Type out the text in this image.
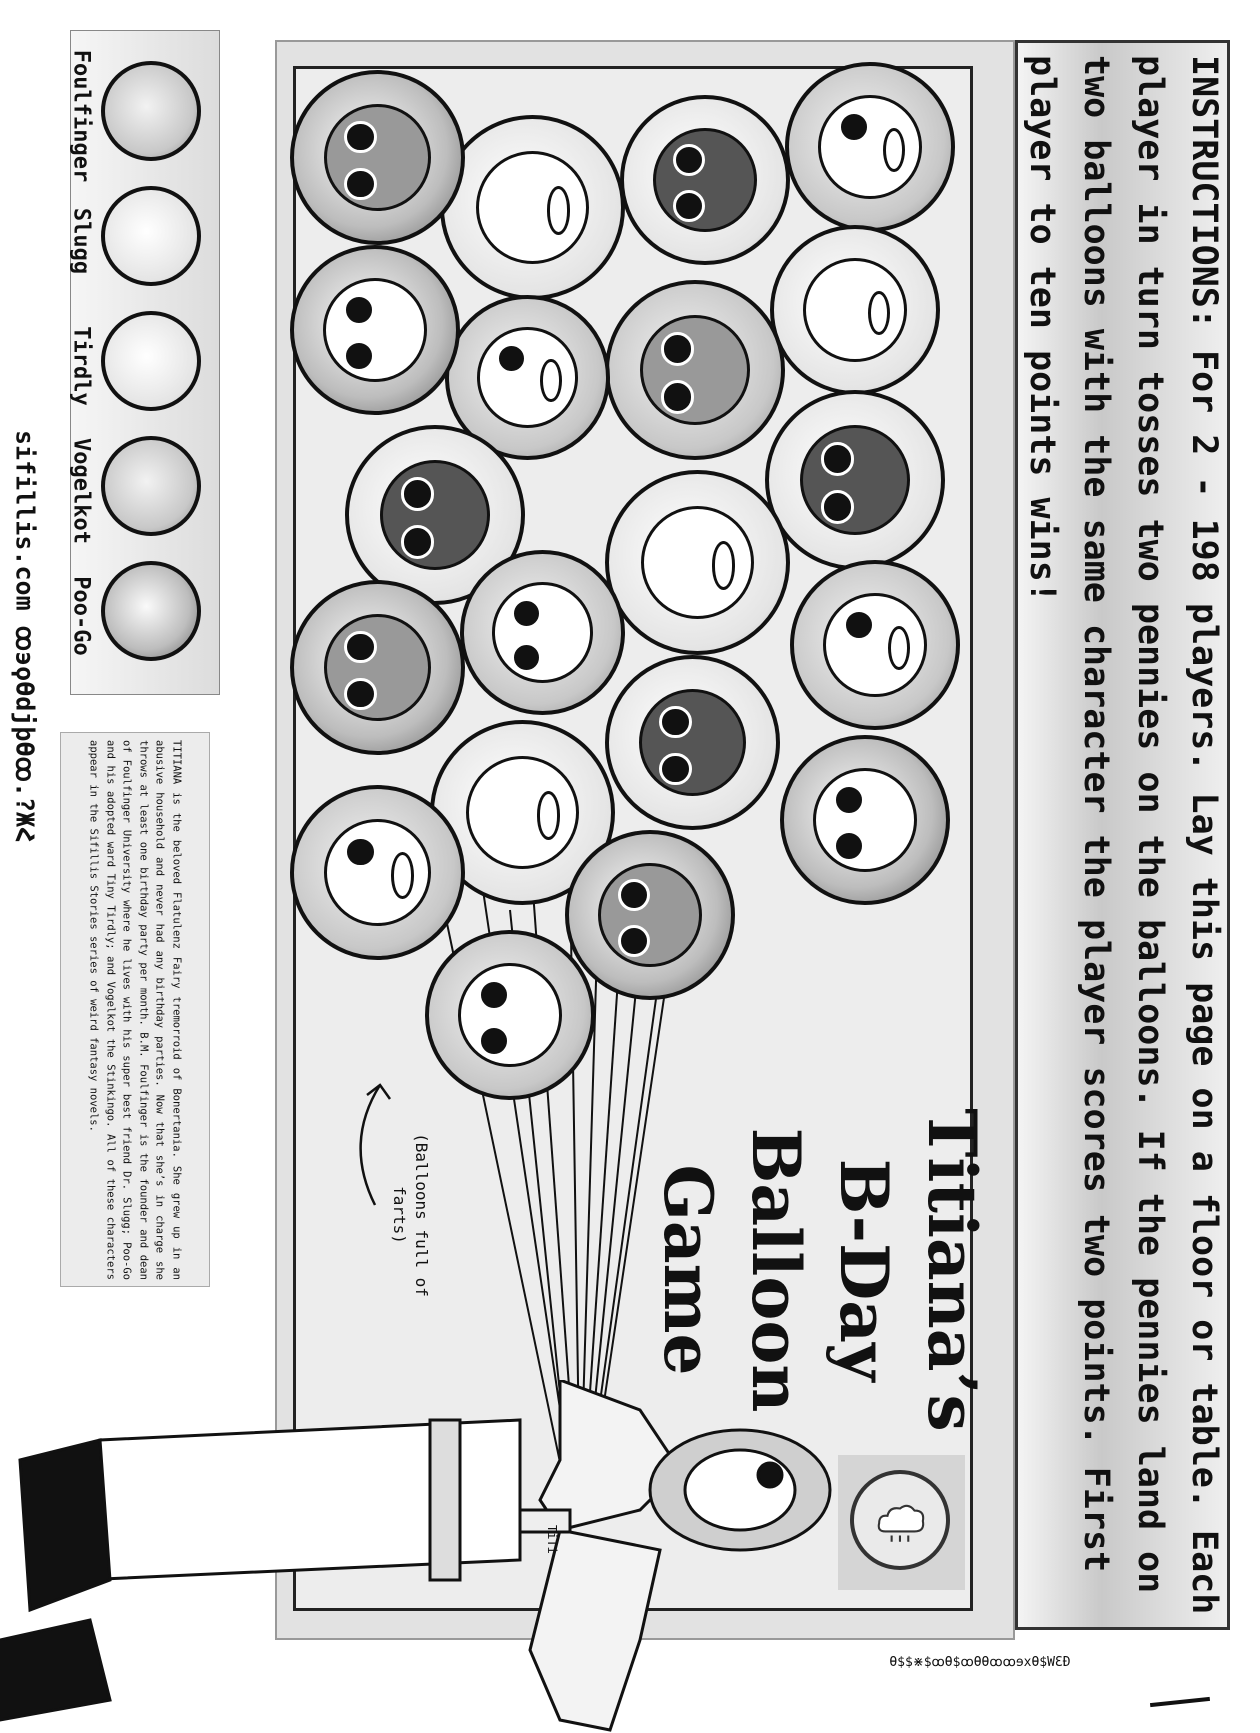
INSTRUCTIONS: For 2 - 198 players. Lay this page on a floor or table. Each player in turn tosses two pennies on the balloons. If the pennies land on two balloons with the same character the player scores two points. First player to ten points wins!
Titiana’s
B-Day
Balloon
Game
(Balloons full of farts)
TiTi
Foulfinger
Slugg
Tirdly
Vogelkot
Poo-Go
TITIANA is the beloved Flatulenz Fairy tremorroid of Bonertania. She grew up in an abusive household and never had any birthday parties. Now that she’s in charge she throws at least one birthday party per month. B.M. Foulfinger is the founder and dean of Foulfinger University where he lives with his super best friend Dr. Slugg; Poo-Go and his adopted ward Tiny Tirdly; and Vogelkot the Stinkingo. All of these characters appear in the Sifillis Stories series of weird fantasy novels.
sifillis.com ꝏ϶ϙѲdϳϸѲꝏ.?ЖՀ
Ѳ$$⋇$ꝏѲ$ꝏѲѲꝏꝏɘxѲ$WƐƉ
